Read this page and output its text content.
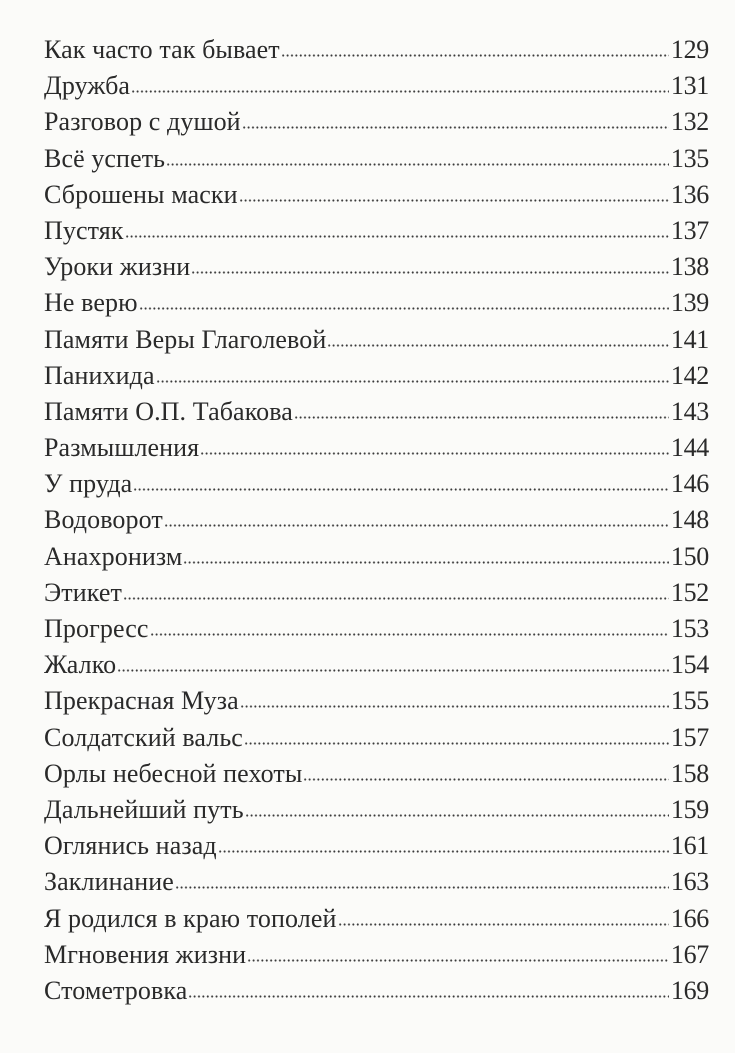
Как часто так бывает	129
Дружба	131
Разговор с душой	132
Всё успеть	135
Сброшены маски	136
Пустяк	137
Уроки жизни	138
Не верю	139
Памяти Веры Глаголевой	141
Панихида	142
Памяти О.П. Табакова	143
Размышления	144
У пруда	146
Водоворот	148
Анахронизм	150
Этикет	152
Прогресс	153
Жалко	154
Прекрасная Муза	155
Солдатский вальс	157
Орлы небесной пехоты	158
Дальнейший путь	159
Оглянись назад	161
Заклинание	163
Я родился в краю тополей	166
Мгновения жизни	167
Стометровка	169
